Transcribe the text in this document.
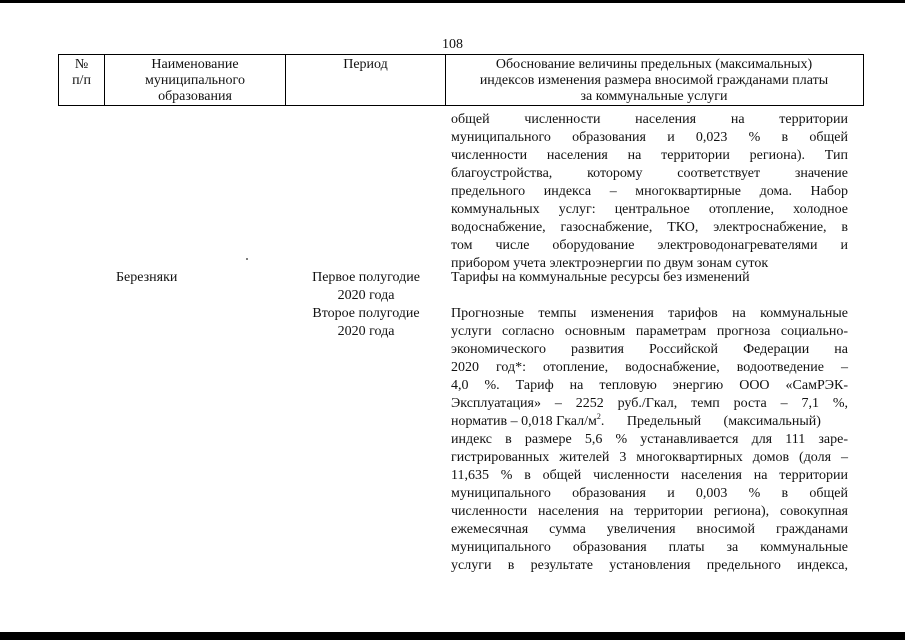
108
№
п/п
Наименование
муниципального
образования
Период	Обоснование величины предельных (максимальных)
индексов изменения размера вносимой гражданами платы
за коммунальные услуги
общей численности населения на территории
муниципального образования и 0,023 % в общей
численности населения на территории региона). Тип
благоустройства, которому соответствует значение
предельного индекса – многоквартирные дома. Набор
коммунальных услуг: центральное отопление, холодное
водоснабжение, газоснабжение, ТКО, электроснабжение, в
том числе оборудование электроводонагревателями и
прибором учета электроэнергии по двум зонам суток
Березняки	Первое полугодие
2020 года
Тарифы на коммунальные ресурсы без изменений
Второе полугодие
2020 года
Прогнозные темпы изменения тарифов на коммунальные
услуги согласно основным параметрам прогноза социально-
экономического развития Российской Федерации на
2020 год*: отопление, водоснабжение, водоотведение –
4,0 %. Тариф на тепловую энергию ООО «СамРЭК-
Эксплуатация» – 2252 руб./Гкал, темп роста – 7,1 %,
норматив – 0,018 Гкал/$м^2$. Предельный (максимальный)
индекс в размере 5,6 % устанавливается для 111 заре-
гистрированных жителей 3 многоквартирных домов (доля –
11,635 % в общей численности населения на территории
муниципального образования и 0,003 % в общей
численности населения на территории региона), совокупная
ежемесячная сумма увеличения вносимой гражданами
муниципального образования платы за коммунальные
услуги в результате установления предельного индекса,
